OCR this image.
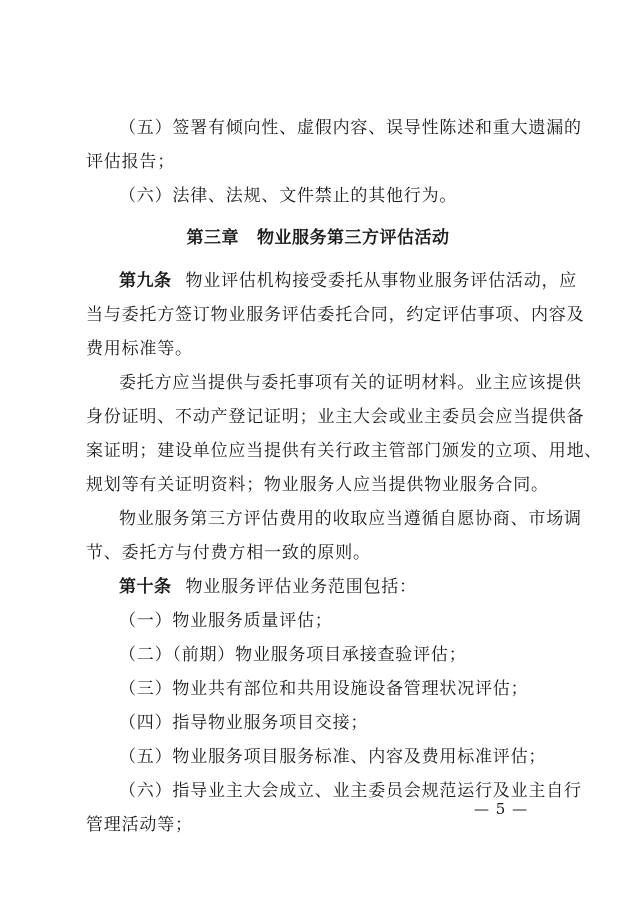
（五）签署有倾向性、虚假内容、误导性陈述和重大遗漏的
评估报告；
（六）法律、法规、文件禁止的其他行为。
第三章 物业服务第三方评估活动
第九条 物业评估机构接受委托从事物业服务评估活动，应
当与委托方签订物业服务评估委托合同，约定评估事项、内容及
费用标准等。
委托方应当提供与委托事项有关的证明材料。业主应该提供
身份证明、不动产登记证明；业主大会或业主委员会应当提供备
案证明；建设单位应当提供有关行政主管部门颁发的立项、用地、
规划等有关证明资料；物业服务人应当提供物业服务合同。
物业服务第三方评估费用的收取应当遵循自愿协商、市场调
节、委托方与付费方相一致的原则。
第十条 物业服务评估业务范围包括：
（一）物业服务质量评估；
（二）（前期）物业服务项目承接查验评估；
（三）物业共有部位和共用设施设备管理状况评估；
（四）指导物业服务项目交接；
（五）物业服务项目服务标准、内容及费用标准评估；
（六）指导业主大会成立、业主委员会规范运行及业主自行
管理活动等；
— 5 —
